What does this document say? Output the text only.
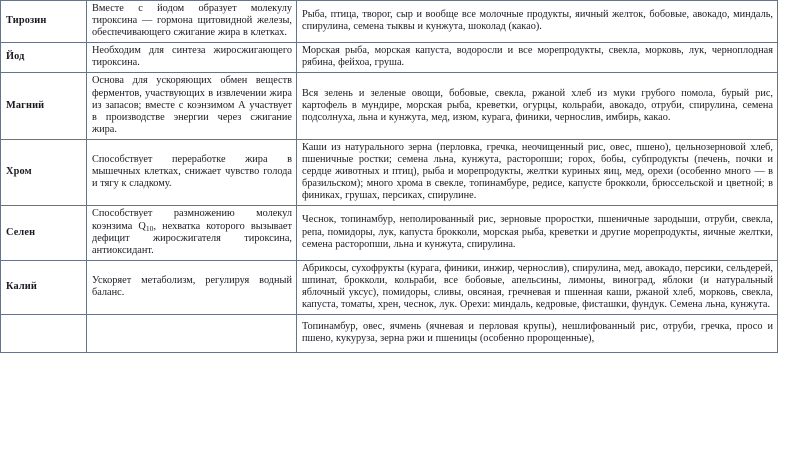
Тирозин	Вместе с йодом образует молекулу тироксина — гормона щитовидной железы, обеспечивающего сжигание жира в клетках.	Рыба, птица, творог, сыр и вообще все молочные продукты, яичный желток, бобовые, авокадо, миндаль, спирулина, семена тыквы и кунжута, шоколад (какао).

Йод	Необходим для синтеза жиросжигающего тироксина.	Морская рыба, морская капуста, водоросли и все морепродукты, свекла, морковь, лук, черноплодная рябина, фейхоа, груша.

Магний	Основа для ускоряющих обмен веществ ферментов, участвующих в извлечении жира из запасов; вместе с коэнзимом А участвует в производстве энергии через сжигание жира.	Вся зелень и зеленые овощи, бобовые, свекла, ржаной хлеб из муки грубого помола, бурый рис, картофель в мундире, морская рыба, креветки, огурцы, кольраби, авокадо, отруби, спирулина, семена подсолнуха, льна и кунжута, мед, изюм, курага, финики, чернослив, имбирь, какао.

Хром	Способствует переработке жира в мышечных клетках, снижает чувство голода и тягу к сладкому.	Каши из натурального зерна (перловка, гречка, неочищенный рис, овес, пшено), цельнозерновой хлеб, пшеничные ростки; семена льна, кунжута, расторопши; горох, бобы, субпродукты (печень, почки и сердце животных и птиц), рыба и морепродукты, желтки куриных яиц, мед, орехи (особенно много — в бразильском); много хрома в свекле, топинамбуре, редисе, капусте брокколи, брюссельской и цветной; в финиках, грушах, персиках, спирулине.

Селен	Способствует размножению молекул коэнзима $Q_{10}$, нехватка которого вызывает дефицит жиросжигателя тироксина, антиоксидант.	Чеснок, топинамбур, неполированный рис, зерновые проростки, пшеничные зародыши, отруби, свекла, репа, помидоры, лук, капуста брокколи, морская рыба, креветки и другие морепродукты, яичные желтки, семена расторопши, льна и кунжута, спирулина.

Калий	Ускоряет метаболизм, регулируя водный баланс.	Абрикосы, сухофрукты (курага, финики, инжир, чернослив), спирулина, мед, авокадо, персики, сельдерей, шпинат, брокколи, кольраби, все бобовые, апельсины, лимоны, виноград, яблоки (и натуральный яблочный уксус), помидоры, сливы, овсяная, гречневая и пшенная каши, ржаной хлеб, морковь, свекла, капуста, томаты, хрен, чеснок, лук. Орехи: миндаль, кедровые, фисташки, фундук. Семена льна, кунжута.

		Топинамбур, овес, ячмень (ячневая и перловая крупы), нешлифованный рис, отруби, гречка, просо и пшено, кукуруза, зерна ржи и пшеницы (особенно пророщенные),
